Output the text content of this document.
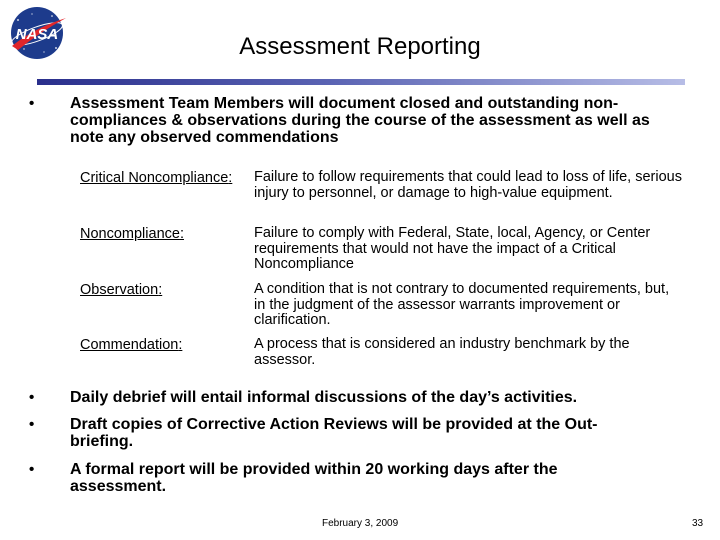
NASA	Assessment Reporting
• Assessment Team Members will document closed and outstanding non-compliances & observations during the course of the assessment as well as note any observed commendations
Critical Noncompliance: Failure to follow requirements that could lead to loss of life, serious injury to personnel, or damage to high-value equipment.
Noncompliance:	Failure to comply with Federal, State, local, Agency, or Center requirements that would not have the impact of a Critical Noncompliance
Observation:	A condition that is not contrary to documented requirements, but, in the judgment of the assessor warrants improvement or clarification.
Commendation:	A process that is considered an industry benchmark by the assessor.
• Daily debrief will entail informal discussions of the day’s activities.
• Draft copies of Corrective Action Reviews will be provided at the Out-briefing.
• A formal report will be provided within 20 working days after the assessment.
February 3, 2009	33
